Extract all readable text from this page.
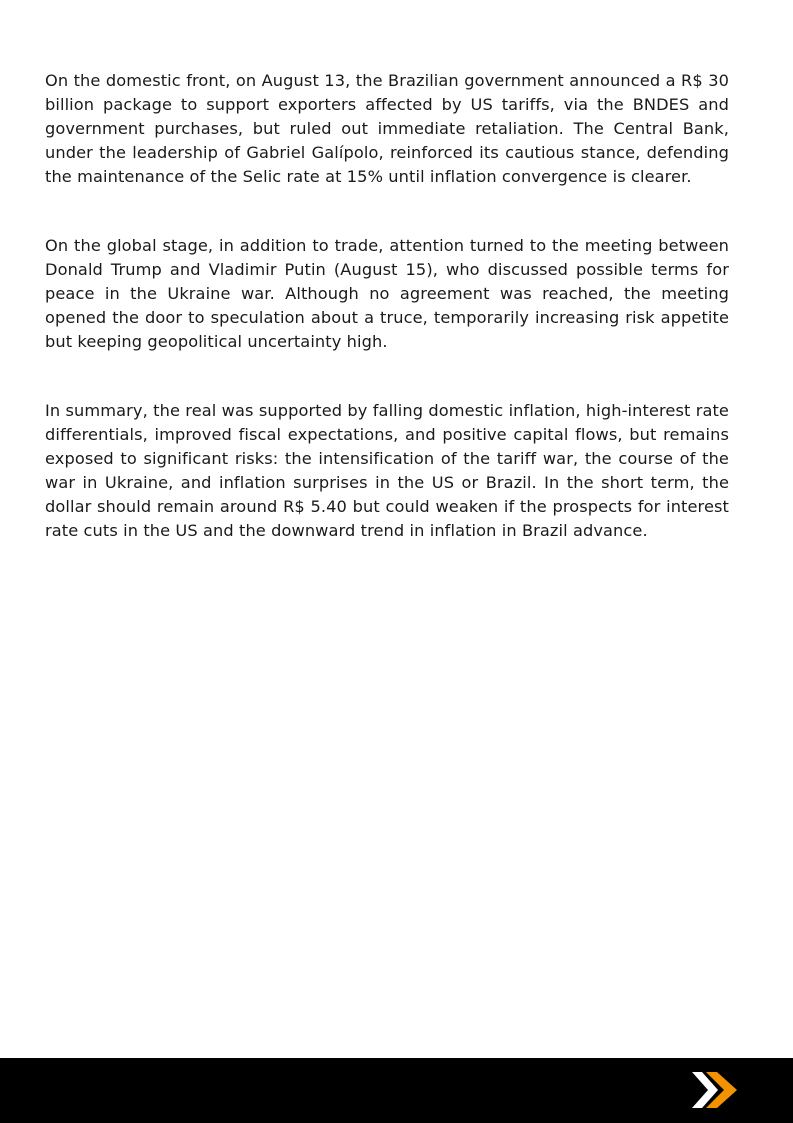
On the domestic front, on August 13, the Brazilian government announced a R$ 30 billion package to support exporters affected by US tariffs, via the BNDES and government purchases, but ruled out immediate retaliation. The Central Bank, under the leadership of Gabriel Galípolo, reinforced its cautious stance, defending the maintenance of the Selic rate at 15% until inflation convergence is clearer.

On the global stage, in addition to trade, attention turned to the meeting between Donald Trump and Vladimir Putin (August 15), who discussed possible terms for peace in the Ukraine war. Although no agreement was reached, the meeting opened the door to speculation about a truce, temporarily increasing risk appetite but keeping geopolitical uncertainty high.

In summary, the real was supported by falling domestic inflation, high-interest rate differentials, improved fiscal expectations, and positive capital flows, but remains exposed to significant risks: the intensification of the tariff war, the course of the war in Ukraine, and inflation surprises in the US or Brazil. In the short term, the dollar should remain around R$ 5.40 but could weaken if the prospects for interest rate cuts in the US and the downward trend in inflation in Brazil advance.
